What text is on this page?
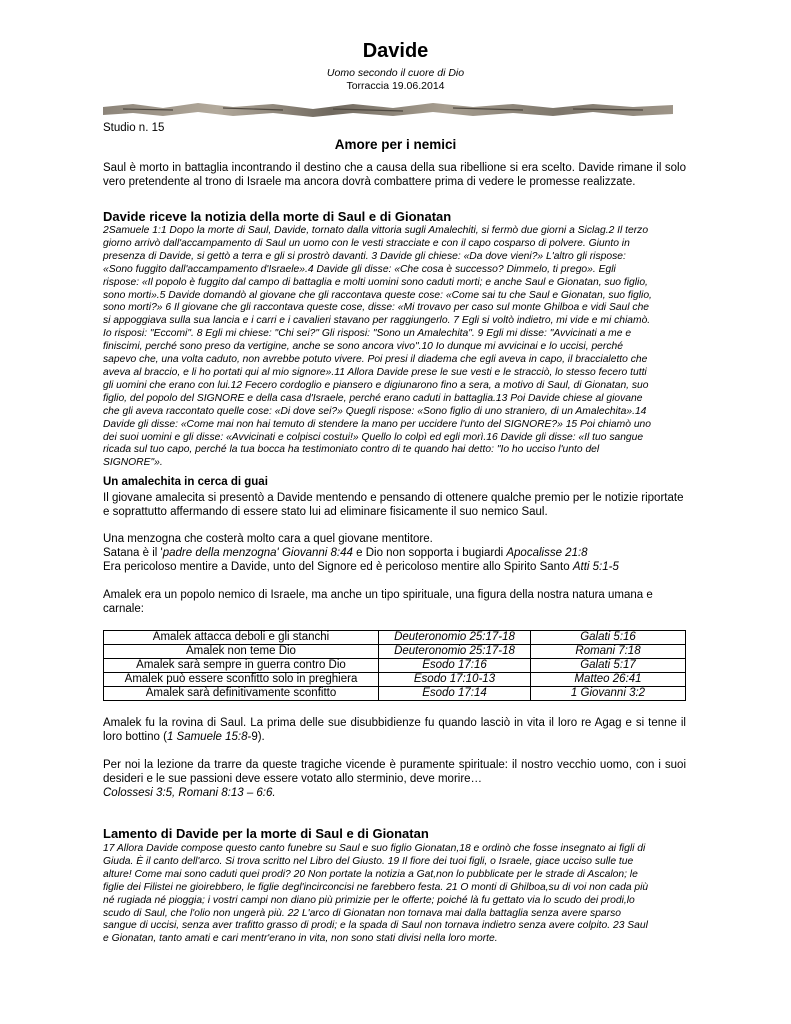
Davide
Uomo secondo il cuore di Dio
Torraccia 19.06.2014
Studio n. 15
Amore per i nemici
Saul è morto in battaglia incontrando il destino che a causa della sua ribellione si era scelto. Davide rimane il solo vero pretendente al trono di Israele ma ancora dovrà combattere prima di vedere le promesse realizzate.
Davide riceve la notizia della morte di Saul e di Gionatan
2Samuele 1:1 Dopo la morte di Saul, Davide, tornato dalla vittoria sugli Amalechiti, si fermò due giorni a Siclag.2 Il terzo
giorno arrivò dall'accampamento di Saul un uomo con le vesti stracciate e con il capo cosparso di polvere. Giunto in
presenza di Davide, si gettò a terra e gli si prostrò davanti. 3 Davide gli chiese: «Da dove vieni?» L'altro gli rispose:
«Sono fuggito dall'accampamento d'Israele».4 Davide gli disse: «Che cosa è successo? Dimmelo, ti prego». Egli
rispose: «Il popolo è fuggito dal campo di battaglia e molti uomini sono caduti morti; e anche Saul e Gionatan, suo figlio,
sono morti».5 Davide domandò al giovane che gli raccontava queste cose: «Come sai tu che Saul e Gionatan, suo figlio,
sono morti?» 6 Il giovane che gli raccontava queste cose, disse: «Mi trovavo per caso sul monte Ghilboa e vidi Saul che
si appoggiava sulla sua lancia e i carri e i cavalieri stavano per raggiungerlo. 7 Egli si voltò indietro, mi vide e mi chiamò.
Io risposi: "Eccomi". 8 Egli mi chiese: "Chi sei?" Gli risposi: "Sono un Amalechita". 9 Egli mi disse: "Avvicinati a me e
finiscimi, perché sono preso da vertigine, anche se sono ancora vivo".10 Io dunque mi avvicinai e lo uccisi, perché
sapevo che, una volta caduto, non avrebbe potuto vivere. Poi presi il diadema che egli aveva in capo, il braccialetto che
aveva al braccio, e li ho portati qui al mio signore».11 Allora Davide prese le sue vesti e le stracciò, lo stesso fecero tutti
gli uomini che erano con lui.12 Fecero cordoglio e piansero e digiunarono fino a sera, a motivo di Saul, di Gionatan, suo
figlio, del popolo del SIGNORE e della casa d'Israele, perché erano caduti in battaglia.13 Poi Davide chiese al giovane
che gli aveva raccontato quelle cose: «Di dove sei?» Quegli rispose: «Sono figlio di uno straniero, di un Amalechita».14
Davide gli disse: «Come mai non hai temuto di stendere la mano per uccidere l'unto del SIGNORE?» 15 Poi chiamò uno
dei suoi uomini e gli disse: «Avvicinati e colpisci costui!» Quello lo colpì ed egli morì.16 Davide gli disse: «Il tuo sangue
ricada sul tuo capo, perché la tua bocca ha testimoniato contro di te quando hai detto: "Io ho ucciso l'unto del
SIGNORE"».
Un amalechita in cerca di guai
Il giovane amalecita si presentò a Davide mentendo e pensando di ottenere qualche premio per le notizie riportate e soprattutto affermando di essere stato lui ad eliminare fisicamente il suo nemico Saul.
Una menzogna che costerà molto cara a quel giovane mentitore.
Satana è il 'padre della menzogna' Giovanni 8:44 e Dio non sopporta i bugiardi Apocalisse 21:8
Era pericoloso mentire a Davide, unto del Signore ed è pericoloso mentire allo Spirito Santo Atti 5:1-5
Amalek era un popolo nemico di Israele, ma anche un tipo spirituale, una figura della nostra natura umana e carnale:
Amalek attacca deboli e gli stanchi	Deuteronomio 25:17-18	Galati 5:16
Amalek non teme Dio	Deuteronomio 25:17-18	Romani 7:18
Amalek sarà sempre in guerra contro Dio	Esodo 17:16	Galati 5:17
Amalek può essere sconfitto solo in preghiera	Esodo 17:10-13	Matteo 26:41
Amalek sarà definitivamente sconfitto	Esodo 17:14	1 Giovanni 3:2
Amalek fu la rovina di Saul. La prima delle sue disubbidienze fu quando lasciò in vita il loro re Agag e si tenne il loro bottino (1 Samuele 15:8-9).
Per noi la lezione da trarre da queste tragiche vicende è puramente spirituale: il nostro vecchio uomo, con i suoi desideri e le sue passioni deve essere votato allo sterminio, deve morire…
Colossesi 3:5, Romani 8:13 – 6:6.
Lamento di Davide per la morte di Saul e di Gionatan
17 Allora Davide compose questo canto funebre su Saul e suo figlio Gionatan,18 e ordinò che fosse insegnato ai figli di
Giuda. È il canto dell'arco. Si trova scritto nel Libro del Giusto. 19 Il fiore dei tuoi figli, o Israele, giace ucciso sulle tue
alture! Come mai sono caduti quei prodi? 20 Non portate la notizia a Gat,non lo pubblicate per le strade di Ascalon; le
figlie dei Filistei ne gioirebbero, le figlie degl'incirconcisi ne farebbero festa. 21 O monti di Ghilboa,su di voi non cada più
né rugiada né pioggia; i vostri campi non diano più primizie per le offerte; poiché là fu gettato via lo scudo dei prodi,lo
scudo di Saul, che l'olio non ungerà più. 22 L'arco di Gionatan non tornava mai dalla battaglia senza avere sparso
sangue di uccisi, senza aver trafitto grasso di prodi; e la spada di Saul non tornava indietro senza avere colpito. 23 Saul
e Gionatan, tanto amati e cari mentr'erano in vita, non sono stati divisi nella loro morte.
